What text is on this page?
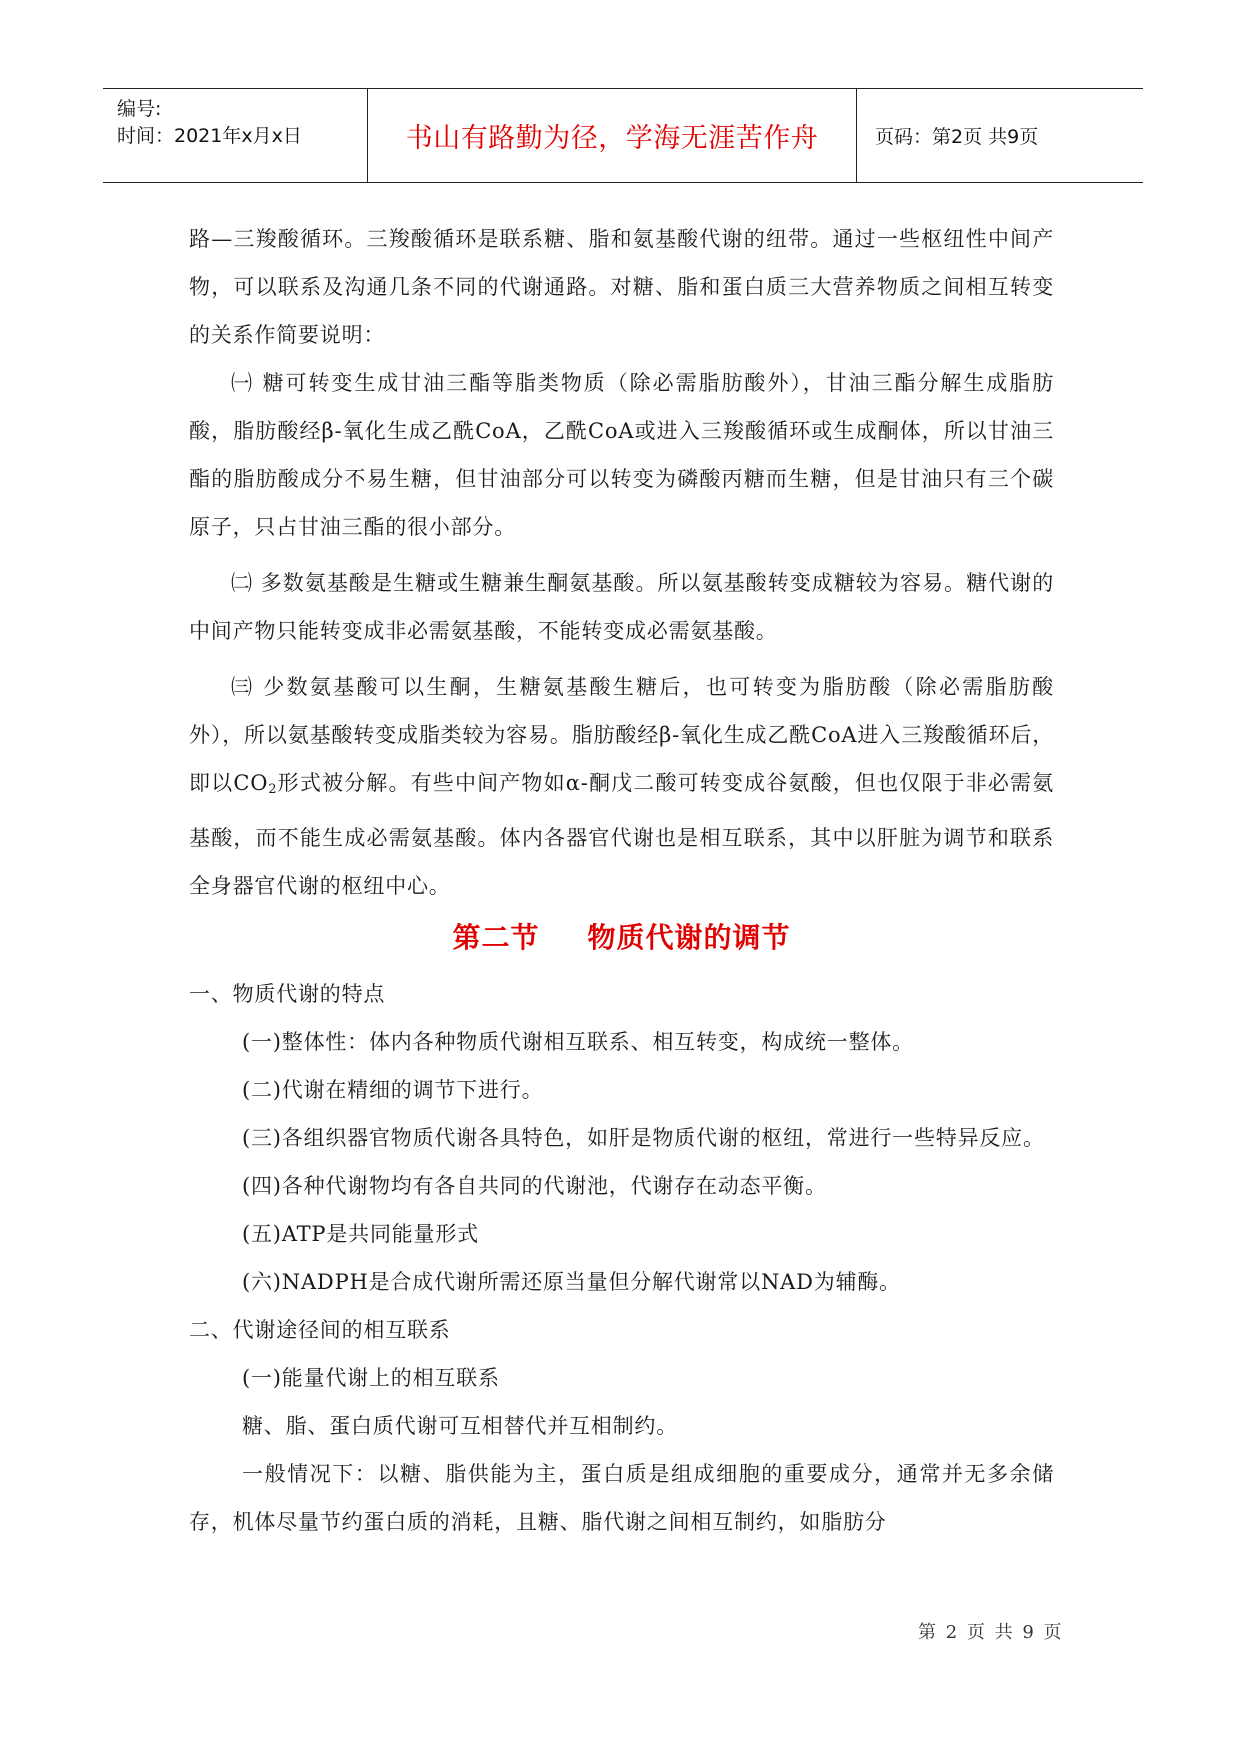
编号:
时间：2021年x月x日	书山有路勤为径，学海无涯苦作舟	页码：第2页 共9页

路—三羧酸循环。三羧酸循环是联系糖、脂和氨基酸代谢的纽带。通过一些枢纽性中间产物，可以联系及沟通几条不同的代谢通路。对糖、脂和蛋白质三大营养物质之间相互转变的关系作简要说明：

㈠ 糖可转变生成甘油三酯等脂类物质（除必需脂肪酸外），甘油三酯分解生成脂肪酸，脂肪酸经β-氧化生成乙酰CoA，乙酰CoA或进入三羧酸循环或生成酮体，所以甘油三酯的脂肪酸成分不易生糖，但甘油部分可以转变为磷酸丙糖而生糖，但是甘油只有三个碳原子，只占甘油三酯的很小部分。

㈡ 多数氨基酸是生糖或生糖兼生酮氨基酸。所以氨基酸转变成糖较为容易。糖代谢的中间产物只能转变成非必需氨基酸，不能转变成必需氨基酸。

㈢ 少数氨基酸可以生酮，生糖氨基酸生糖后，也可转变为脂肪酸（除必需脂肪酸外），所以氨基酸转变成脂类较为容易。脂肪酸经β-氧化生成乙酰CoA进入三羧酸循环后，即以$CO_2$形式被分解。有些中间产物如α-酮戊二酸可转变成谷氨酸，但也仅限于非必需氨基酸，而不能生成必需氨基酸。体内各器官代谢也是相互联系，其中以肝脏为调节和联系全身器官代谢的枢纽中心。

第二节 物质代谢的调节

一、物质代谢的特点

(一)整体性：体内各种物质代谢相互联系、相互转变，构成统一整体。

(二)代谢在精细的调节下进行。

(三)各组织器官物质代谢各具特色，如肝是物质代谢的枢纽，常进行一些特异反应。

(四)各种代谢物均有各自共同的代谢池，代谢存在动态平衡。

(五)ATP是共同能量形式

(六)NADPH是合成代谢所需还原当量但分解代谢常以NAD为辅酶。

二、代谢途径间的相互联系

(一)能量代谢上的相互联系

糖、脂、蛋白质代谢可互相替代并互相制约。

一般情况下：以糖、脂供能为主，蛋白质是组成细胞的重要成分，通常并无多余储存，机体尽量节约蛋白质的消耗，且糖、脂代谢之间相互制约，如脂肪分

第 2 页 共 9 页
